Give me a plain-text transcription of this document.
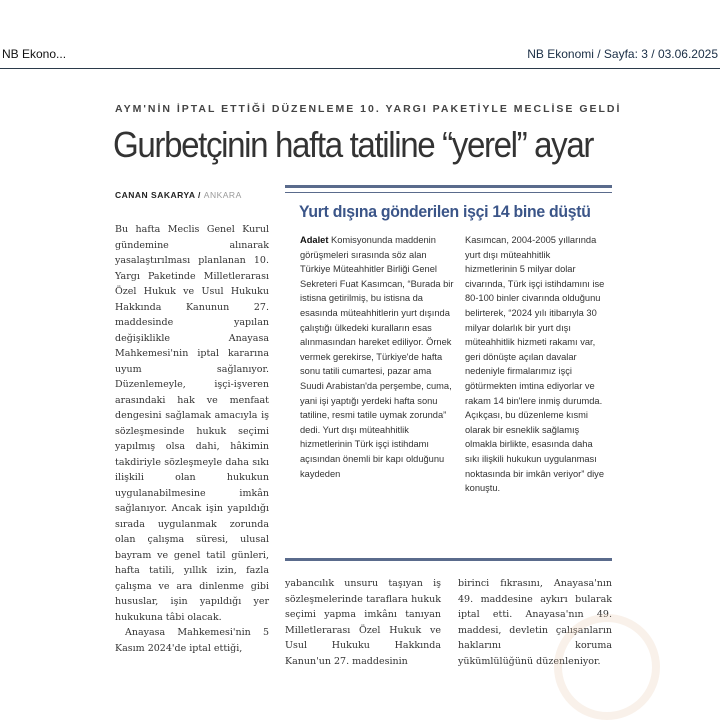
NB Ekono...	NB Ekonomi / Sayfa: 3 / 03.06.2025
AYM'NİN İPTAL ETTİĞİ DÜZENLEME 10. YARGI PAKETİYLE MECLİSE GELDİ
Gurbetçinin hafta tatiline “yerel” ayar
CANAN SAKARYA / ANKARA

Bu hafta Meclis Genel Kurul gündemine alınarak yasalaştırılması planlanan 10. Yargı Paketinde Milletlerarası Özel Hukuk ve Usul Hukuku Hakkında Kanunun 27. maddesinde yapılan değişiklikle Anayasa Mahkemesi'nin iptal kararına uyum sağlanıyor. Düzenlemeyle, işçi-işveren arasındaki hak ve menfaat dengesini sağlamak amacıyla iş sözleşmesinde hukuk seçimi yapılmış olsa dahi, hâkimin takdiriyle sözleşmeyle daha sıkı ilişkili olan hukukun uygulanabilmesine imkân sağlanıyor. Ancak işin yapıldığı sırada uygulanmak zorunda olan çalışma süresi, ulusal bayram ve genel tatil günleri, hafta tatili, yıllık izin, fazla çalışma ve ara dinlenme gibi hususlar, işin yapıldığı yer hukukuna tâbi olacak.

Anayasa Mahkemesi'nin 5 Kasım 2024'de iptal ettiği,

Yurt dışına gönderilen işçi 14 bine düştü
Adalet Komisyonunda maddenin görüşmeleri sırasında söz alan Türkiye Müteahhitler Birliği Genel Sekreteri Fuat Kasımcan, “Burada bir istisna getirilmiş, bu istisna da esasında müteahhitlerin yurt dışında çalıştığı ülkedeki kuralların esas alınmasından hareket ediliyor. Örnek vermek gerekirse, Türkiye'de hafta sonu tatili cumartesi, pazar ama Suudi Arabistan'da perşembe, cuma, yani işi yaptığı yerdeki hafta sonu tatiline, resmi tatile uymak zorunda” dedi. Yurt dışı müteahhitlik hizmetlerinin Türk işçi istihdamı açısından önemli bir kapı olduğunu kaydeden
Kasımcan, 2004-2005 yıllarında yurt dışı müteahhitlik hizmetlerinin 5 milyar dolar civarında, Türk işçi istihdamını ise 80-100 binler civarında olduğunu belirterek, “2024 yılı itibarıyla 30 milyar dolarlık bir yurt dışı müteahhitlik hizmeti rakamı var, geri dönüşte açılan davalar nedeniyle firmalarımız işçi götürmekten imtina ediyorlar ve rakam 14 bin'lere inmiş durumda. Açıkçası, bu düzenleme kısmi olarak bir esneklik sağlamış olmakla birlikte, esasında daha sıkı ilişkili hukukun uygulanması noktasında bir imkân veriyor” diye konuştu.
yabancılık unsuru taşıyan iş sözleşmelerinde taraflara hukuk seçimi yapma imkânı tanıyan Milletlerarası Özel Hukuk ve Usul Hukuku Hakkında Kanun'un 27. maddesinin
birinci fıkrasını, Anayasa'nın 49. maddesine aykırı bularak iptal etti. Anayasa'nın 49. maddesi, devletin çalışanların haklarını koruma yükümlülüğünü düzenleniyor.
